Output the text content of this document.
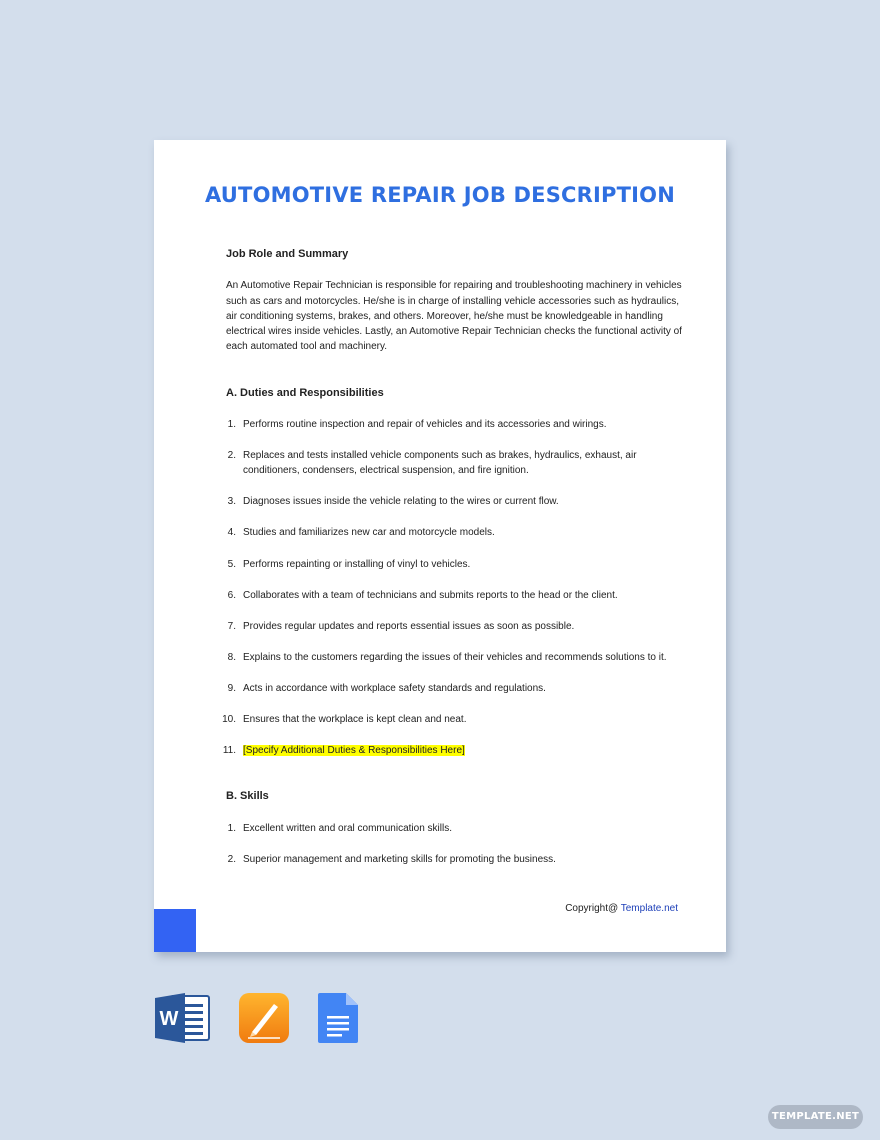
AUTOMOTIVE REPAIR JOB DESCRIPTION
Job Role and Summary
An Automotive Repair Technician is responsible for repairing and troubleshooting machinery in vehicles such as cars and motorcycles. He/she is in charge of installing vehicle accessories such as hydraulics, air conditioning systems, brakes, and others. Moreover, he/she must be knowledgeable in handling electrical wires inside vehicles. Lastly, an Automotive Repair Technician checks the functional activity of each automated tool and machinery.
A. Duties and Responsibilities
1. Performs routine inspection and repair of vehicles and its accessories and wirings.
2. Replaces and tests installed vehicle components such as brakes, hydraulics, exhaust, air conditioners, condensers, electrical suspension, and fire ignition.
3. Diagnoses issues inside the vehicle relating to the wires or current flow.
4. Studies and familiarizes new car and motorcycle models.
5. Performs repainting or installing of vinyl to vehicles.
6. Collaborates with a team of technicians and submits reports to the head or the client.
7. Provides regular updates and reports essential issues as soon as possible.
8. Explains to the customers regarding the issues of their vehicles and recommends solutions to it.
9. Acts in accordance with workplace safety standards and regulations.
10. Ensures that the workplace is kept clean and neat.
11. [Specify Additional Duties & Responsibilities Here]
B. Skills
1. Excellent written and oral communication skills.
2. Superior management and marketing skills for promoting the business.
Copyright@ Template.net
W
TEMPLATE.NET
